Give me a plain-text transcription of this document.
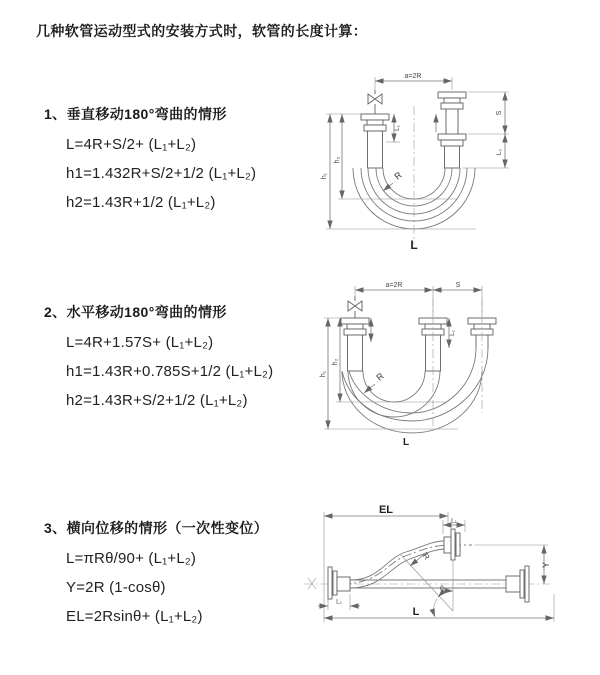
几种软管运动型式的安装方式时，软管的长度计算：
1、垂直移动180°弯曲的情形
L=4R+S/2+ (L₁+L₂)
h1=1.432R+S/2+1/2 (L₁+L₂)
h2=1.43R+1/2 (L₁+L₂)
2、水平移动180°弯曲的情形
L=4R+1.57S+ (L₁+L₂)
h1=1.43R+0.785S+1/2 (L₁+L₂)
h2=1.43R+S/2+1/2 (L₁+L₂)
3、横向位移的情形（一次性变位）
L=πRθ/90+ (L₁+L₂)
Y=2R (1-cosθ)
EL=2Rsinθ+ (L₁+L₂)
a=2R
h₁
h₂
L₁
S
L₂
R
L
a=2R	S
h₁
h₂
L₁
R
L
EL
L₁
θ
R
Y
L₁
L
